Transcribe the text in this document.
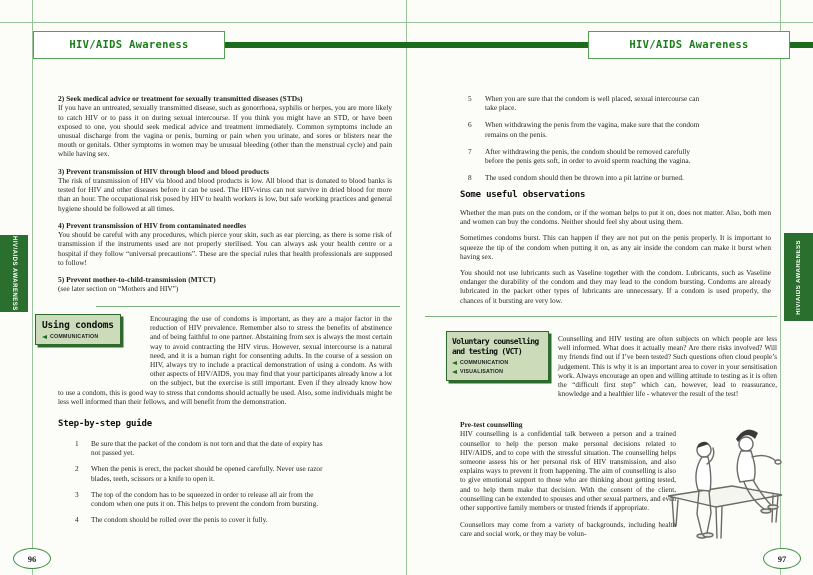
HIV/AIDS Awareness	HIV/AIDS Awareness
HIV/AIDS AWARENESS	HIV/AIDS AWARENESS
2) Seek medical advice or treatment for sexually transmitted diseases (STDs)

If you have an untreated, sexually transmitted disease, such as gonorrhoea, syphilis or herpes, you are more likely to catch HIV or to pass it on during sexual intercourse. If you think you might have an STD, or have been exposed to one, you should seek medical advice and treatment immediately. Common symptoms include an unusual discharge from the vagina or penis, burning or pain when you urinate, and sores or blisters near the mouth or genitals. Other symptoms in women may be unusual bleeding (other than the menstrual cycle) and pain while having sex.

3) Prevent transmission of HIV through blood and blood products

The risk of transmission of HIV via blood and blood products is low. All blood that is donated to blood banks is tested for HIV and other diseases before it can be used. The HIV-virus can not survive in dried blood for more than an hour. The occupational risk posed by HIV to health workers is low, but safe working practices and general hygiene should be followed at all times.

4) Prevent transmission of HIV from contaminated needles

You should be careful with any procedures, which pierce your skin, such as ear piercing, as there is some risk of transmission if the instruments used are not properly sterilised. You can always ask your health centre or a hospital if they follow “universal precautions”. These are the special rules that health professionals are supposed to follow!

5) Prevent mother-to-child-transmission (MTCT)

(see later section on “Mothers and HIV”)

Using condoms
COMMUNICATION

Encouraging the use of condoms is important, as they are a major factor in the reduction of HIV prevalence. Remember also to stress the benefits of abstinence and of being faithful to one partner. Abstaining from sex is always the most certain way to avoid contracting the HIV virus. However, sexual intercourse is a natural need, and it is a human right for consenting adults. In the course of a session on HIV, always try to include a practical demonstration of using a condom. As with other aspects of HIV/AIDS, you may find that your participants already know a lot on the subject, but the exercise is still important. Even if they already know how to use a condom, this is good way to stress that condoms should actually be used. Also, some individuals might be less well informed than their fellows, and will benefit from the demonstration.

Step-by-step guide
1	Be sure that the packet of the condom is not torn and that the date of expiry has not passed yet.
2	When the penis is erect, the packet should be opened carefully. Never use razor blades, teeth, scissors or a knife to open it.
3	The top of the condom has to be squeezed in order to release all air from the condom when one puts it on. This helps to prevent the condom from bursting.
4	The condom should be rolled over the penis to cover it fully.
96
5	When you are sure that the condom is well placed, sexual intercourse can take place.
6	When withdrawing the penis from the vagina, make sure that the condom remains on the penis.
7	After withdrawing the penis, the condom should be removed carefully before the penis gets soft, in order to avoid sperm reaching the vagina.
8	The used condom should then be thrown into a pit latrine or burned.
Some useful observations

Whether the man puts on the condom, or if the woman helps to put it on, does not matter. Also, both men and women can buy the condoms. Neither should feel shy about using them.

Sometimes condoms burst. This can happen if they are not put on the penis properly. It is important to squeeze the tip of the condom when putting it on, as any air inside the condom can make it burst when having sex.

You should not use lubricants such as Vaseline together with the condom. Lubricants, such as Vaseline endanger the durability of the condom and they may lead to the condom bursting. Condoms are already lubricated in the packet other types of lubricants are unnecessary. If a condom is used properly, the chances of it bursting are very low.

Voluntary counselling
and testing (VCT)
COMMUNICATION
VISUALISATION

Counselling and HIV testing are often subjects on which people are less well informed. What does it actually mean? Are there risks involved? Will my friends find out if I’ve been tested? Such questions often cloud people’s judgement. This is why it is an important area to cover in your sensitisation work. Always encourage an open and willing attitude to testing as it is often the “difficult first step” which can, however, lead to reassurance, knowledge and a healthier life - whatever the result of the test!

Pre-test counselling

HIV counselling is a confidential talk between a person and a trained counsellor to help the person make personal decisions related to HIV/AIDS, and to cope with the stressful situation. The counselling helps someone assess his or her personal risk of HIV transmission, and also explains ways to prevent it from happening. The aim of counselling is also to give emotional support to those who are thinking about getting tested, and to help them make that decision. With the consent of the client, counselling can be extended to spouses and other sexual partners, and even other supportive family members or trusted friends if appropriate.

Counsellors may come from a variety of backgrounds, including health care and social work, or they may be volun-

97
